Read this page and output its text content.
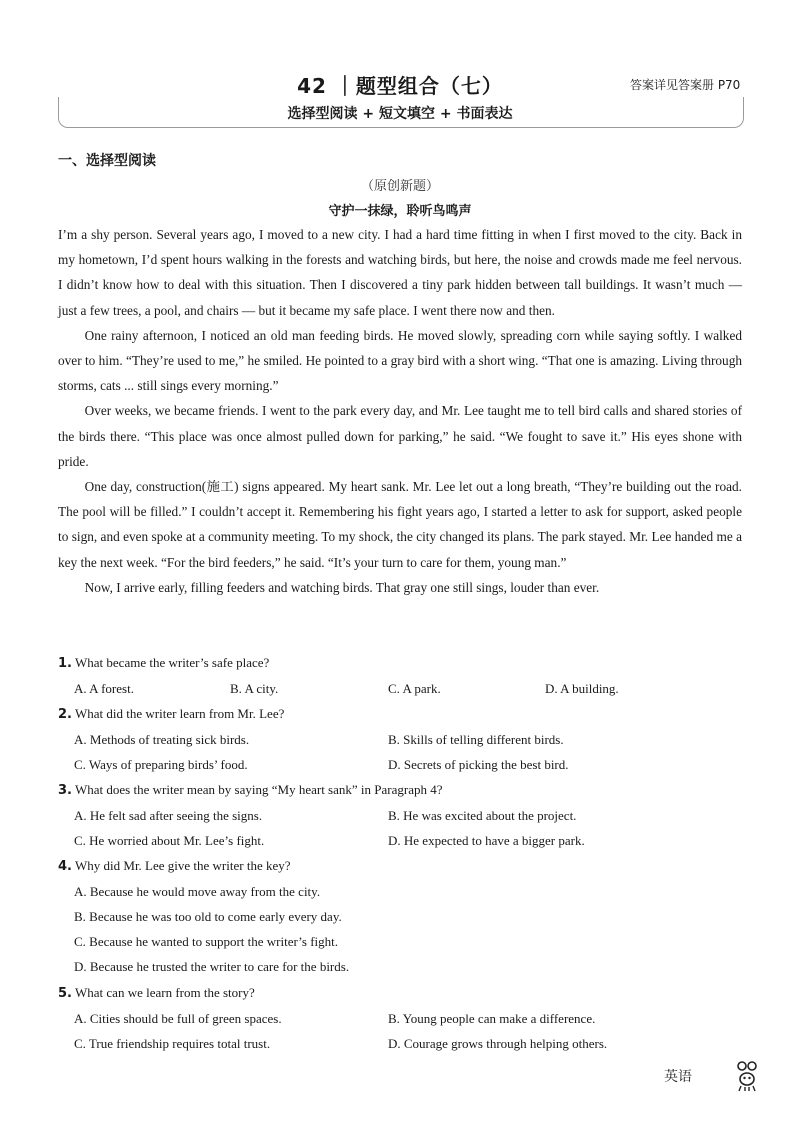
42 ｜题型组合（七）	答案详见答案册 P70
选择型阅读 + 短文填空 + 书面表达
一、选择型阅读
（原创新题）
守护一抹绿，聆听鸟鸣声

I’m a shy person. Several years ago, I moved to a new city. I had a hard time fitting in when I first moved to the city. Back in my hometown, I’d spent hours walking in the forests and watching birds, but here, the noise and crowds made me feel nervous. I didn’t know how to deal with this situation. Then I discovered a tiny park hidden between tall buildings. It wasn’t much — just a few trees, a pool, and chairs — but it became my safe place. I went there now and then.

One rainy afternoon, I noticed an old man feeding birds. He moved slowly, spreading corn while saying softly. I walked over to him. “They’re used to me,” he smiled. He pointed to a gray bird with a short wing. “That one is amazing. Living through storms, cats ... still sings every morning.”

Over weeks, we became friends. I went to the park every day, and Mr. Lee taught me to tell bird calls and shared stories of the birds there. “This place was once almost pulled down for parking,” he said. “We fought to save it.” His eyes shone with pride.

One day, construction(施工) signs appeared. My heart sank. Mr. Lee let out a long breath, “They’re building out the road. The pool will be filled.” I couldn’t accept it. Remembering his fight years ago, I started a letter to ask for support, asked people to sign, and even spoke at a community meeting. To my shock, the city changed its plans. The park stayed. Mr. Lee handed me a key the next week. “For the bird feeders,” he said. “It’s your turn to care for them, young man.”

Now, I arrive early, filling feeders and watching birds. That gray one still sings, louder than ever.

1. What became the writer’s safe place?
A. A forest.	B. A city.	C. A park.	D. A building.
2. What did the writer learn from Mr. Lee?
A. Methods of treating sick birds.	B. Skills of telling different birds.
C. Ways of preparing birds’ food.	D. Secrets of picking the best bird.
3. What does the writer mean by saying “My heart sank” in Paragraph 4?
A. He felt sad after seeing the signs.	B. He was excited about the project.
C. He worried about Mr. Lee’s fight.	D. He expected to have a bigger park.
4. Why did Mr. Lee give the writer the key?
A. Because he would move away from the city.
B. Because he was too old to come early every day.
C. Because he wanted to support the writer’s fight.
D. Because he trusted the writer to care for the birds.
5. What can we learn from the story?
A. Cities should be full of green spaces.	B. Young people can make a difference.
C. True friendship requires total trust.	D. Courage grows through helping others.
英语
